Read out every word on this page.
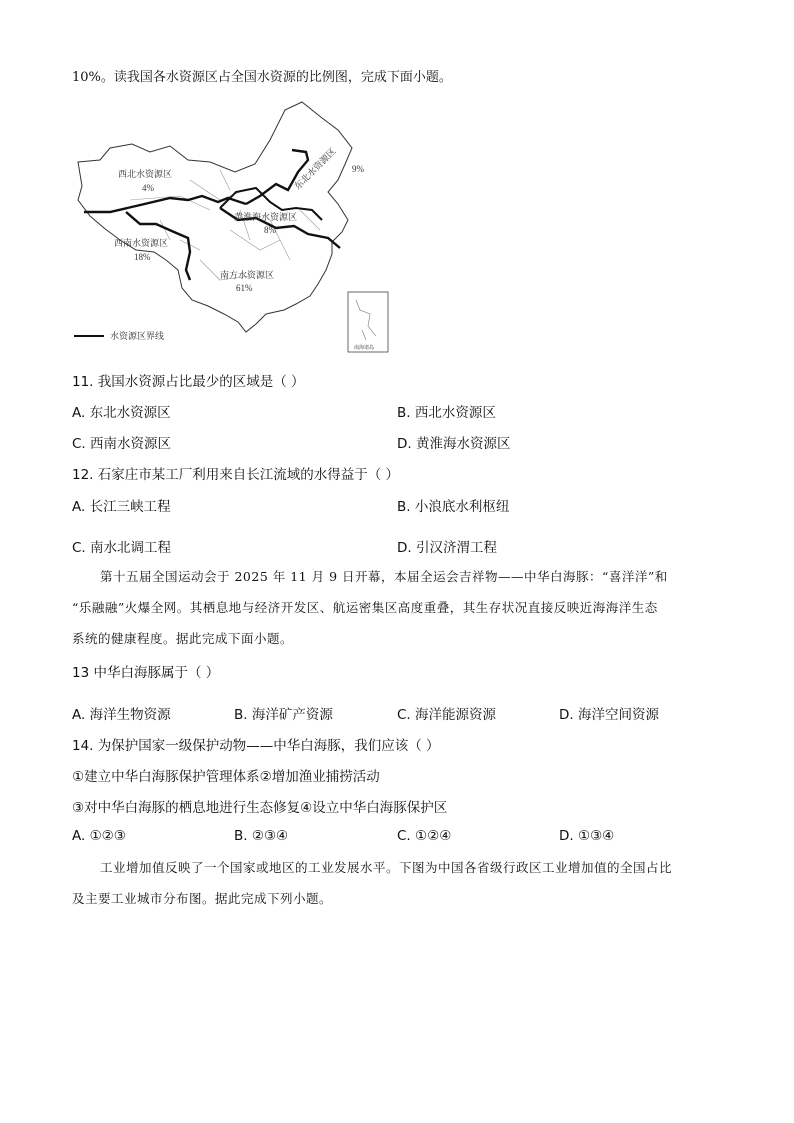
10%。读我国各水资源区占全国水资源的比例图，完成下面小题。
西北水资源区
4%	东北水资源区 9%
黄淮海水资源区
8%
西南水资源区
18%
南方水资源区
61%
水资源区界线
南海诸岛
11. 我国水资源占比最少的区域是（ ）
A. 东北水资源区	B. 西北水资源区
C. 西南水资源区	D. 黄淮海水资源区
12. 石家庄市某工厂利用来自长江流域的水得益于（ ）
A. 长江三峡工程	B. 小浪底水利枢纽
C. 南水北调工程	D. 引汉济渭工程
第十五届全国运动会于 2025 年 11 月 9 日开幕，本届全运会吉祥物——中华白海豚：“喜洋洋”和
“乐融融”火爆全网。其栖息地与经济开发区、航运密集区高度重叠，其生存状况直接反映近海海洋生态
系统的健康程度。据此完成下面小题。
13 中华白海豚属于（ ）
A. 海洋生物资源	B. 海洋矿产资源	C. 海洋能源资源	D. 海洋空间资源
14. 为保护国家一级保护动物——中华白海豚，我们应该（ ）
①建立中华白海豚保护管理体系②增加渔业捕捞活动
③对中华白海豚的栖息地进行生态修复④设立中华白海豚保护区
A. ①②③	B. ②③④	C. ①②④	D. ①③④
工业增加值反映了一个国家或地区的工业发展水平。下图为中国各省级行政区工业增加值的全国占比
及主要工业城市分布图。据此完成下列小题。
